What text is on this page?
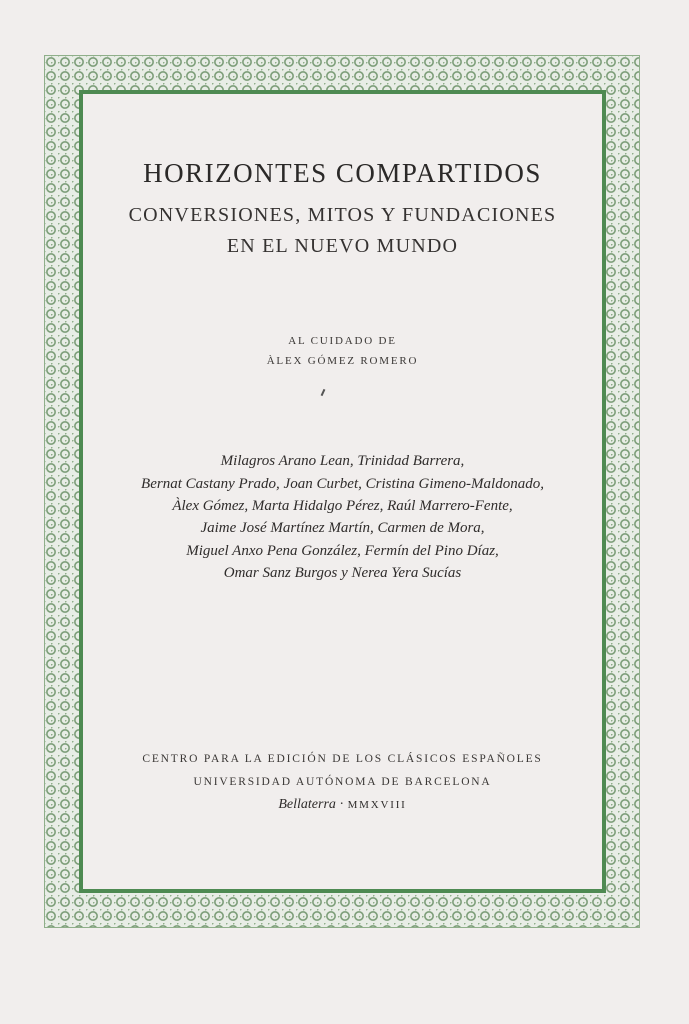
HORIZONTES COMPARTIDOS
CONVERSIONES, MITOS Y FUNDACIONES
EN EL NUEVO MUNDO
AL CUIDADO DE
ÀLEX GÓMEZ ROMERO
Milagros Arano Lean, Trinidad Barrera,
Bernat Castany Prado, Joan Curbet, Cristina Gimeno-Maldonado,
Àlex Gómez, Marta Hidalgo Pérez, Raúl Marrero-Fente,
Jaime José Martínez Martín, Carmen de Mora,
Miguel Anxo Pena González, Fermín del Pino Díaz,
Omar Sanz Burgos y Nerea Yera Sucías
CENTRO PARA LA EDICIÓN DE LOS CLÁSICOS ESPAÑOLES
UNIVERSIDAD AUTÓNOMA DE BARCELONA
Bellaterra · MMXVIII
